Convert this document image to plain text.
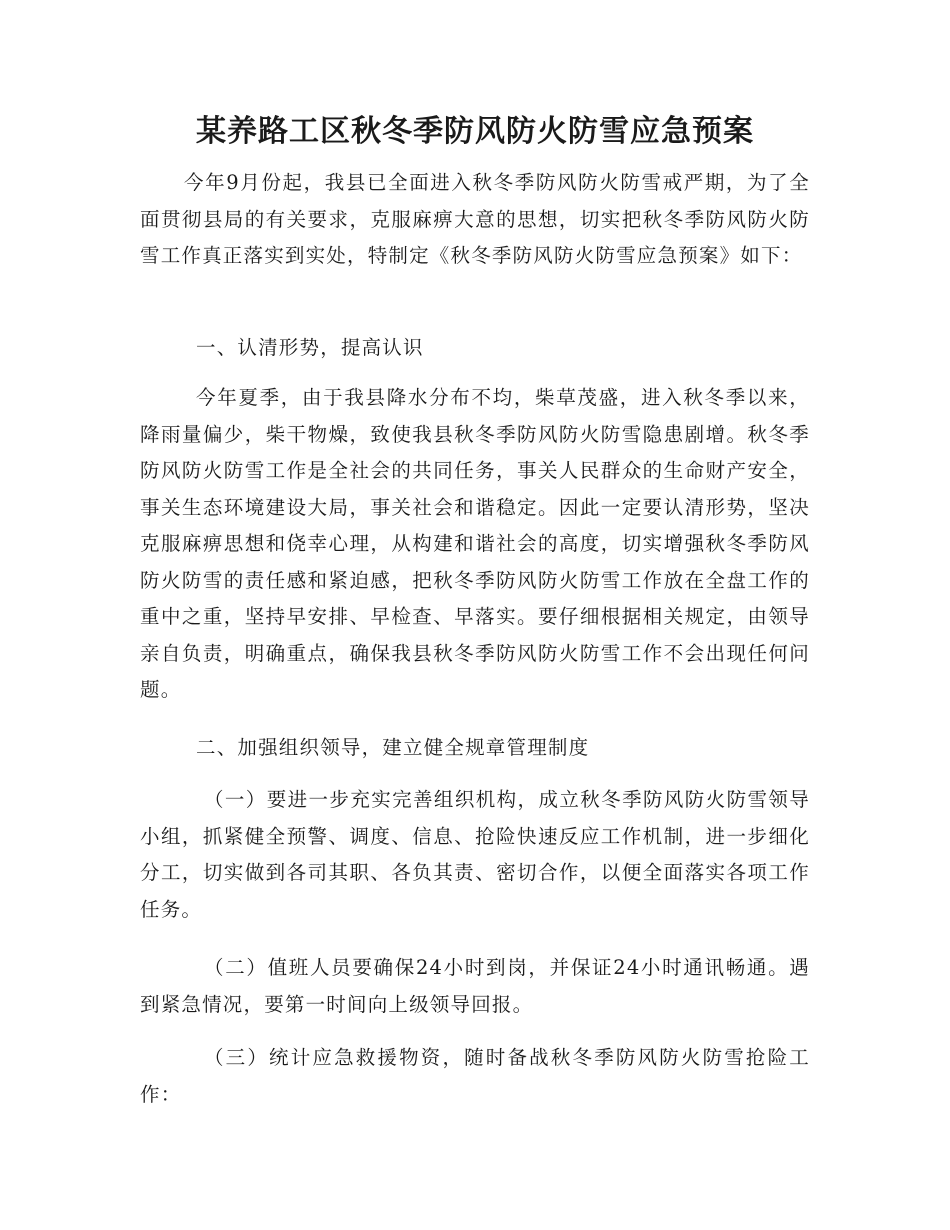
某养路工区秋冬季防风防火防雪应急预案

今年9月份起，我县已全面进入秋冬季防风防火防雪戒严期，为了全面贯彻县局的有关要求，克服麻痹大意的思想，切实把秋冬季防风防火防雪工作真正落实到实处，特制定《秋冬季防风防火防雪应急预案》如下：

一、认清形势，提高认识

今年夏季，由于我县降水分布不均，柴草茂盛，进入秋冬季以来，降雨量偏少，柴干物燥，致使我县秋冬季防风防火防雪隐患剧增。秋冬季防风防火防雪工作是全社会的共同任务，事关人民群众的生命财产安全，事关生态环境建设大局，事关社会和谐稳定。因此一定要认清形势，坚决克服麻痹思想和侥幸心理，从构建和谐社会的高度，切实增强秋冬季防风防火防雪的责任感和紧迫感，把秋冬季防风防火防雪工作放在全盘工作的重中之重，坚持早安排、早检查、早落实。要仔细根据相关规定，由领导亲自负责，明确重点，确保我县秋冬季防风防火防雪工作不会出现任何问题。

二、加强组织领导，建立健全规章管理制度

（一）要进一步充实完善组织机构，成立秋冬季防风防火防雪领导小组，抓紧健全预警、调度、信息、抢险快速反应工作机制，进一步细化分工，切实做到各司其职、各负其责、密切合作，以便全面落实各项工作任务。

（二）值班人员要确保24小时到岗，并保证24小时通讯畅通。遇到紧急情况，要第一时间向上级领导回报。

（三）统计应急救援物资，随时备战秋冬季防风防火防雪抢险工作：
